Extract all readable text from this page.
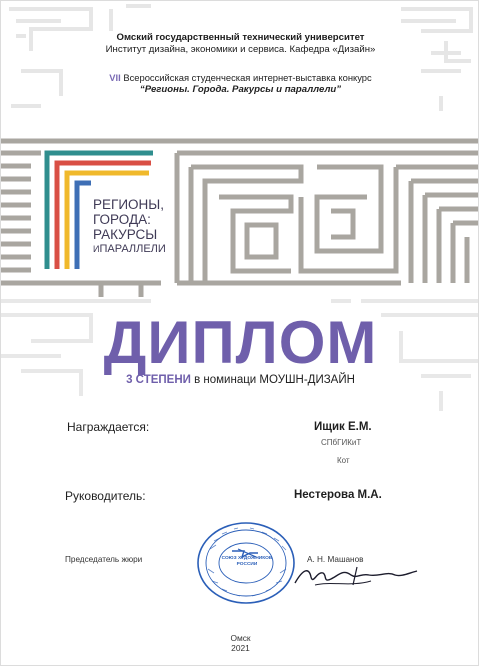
Омский государственный технический университет
Институт дизайна, экономики и сервиса. Кафедра «Дизайн»
VII Всероссийская студенческая интернет-выставка конкурс
“Регионы. Города. Ракурсы и параллели”
РЕГИОНЫ,
ГОРОДА:
РАКУРСЫ
ИПАРАЛЛЕЛИ
ДИПЛОМ
3 СТЕПЕНИ в номинаци МОУШН-ДИЗАЙН
Награждается:	Ищик Е.М.
СПбГИКиТ
Кот
Руководитель:	Нестерова М.А.
СОЮЗ ХУДОЖНИКОВ РОССИИ
Председатель жюри	А. Н. Машанов
Омск
2021
